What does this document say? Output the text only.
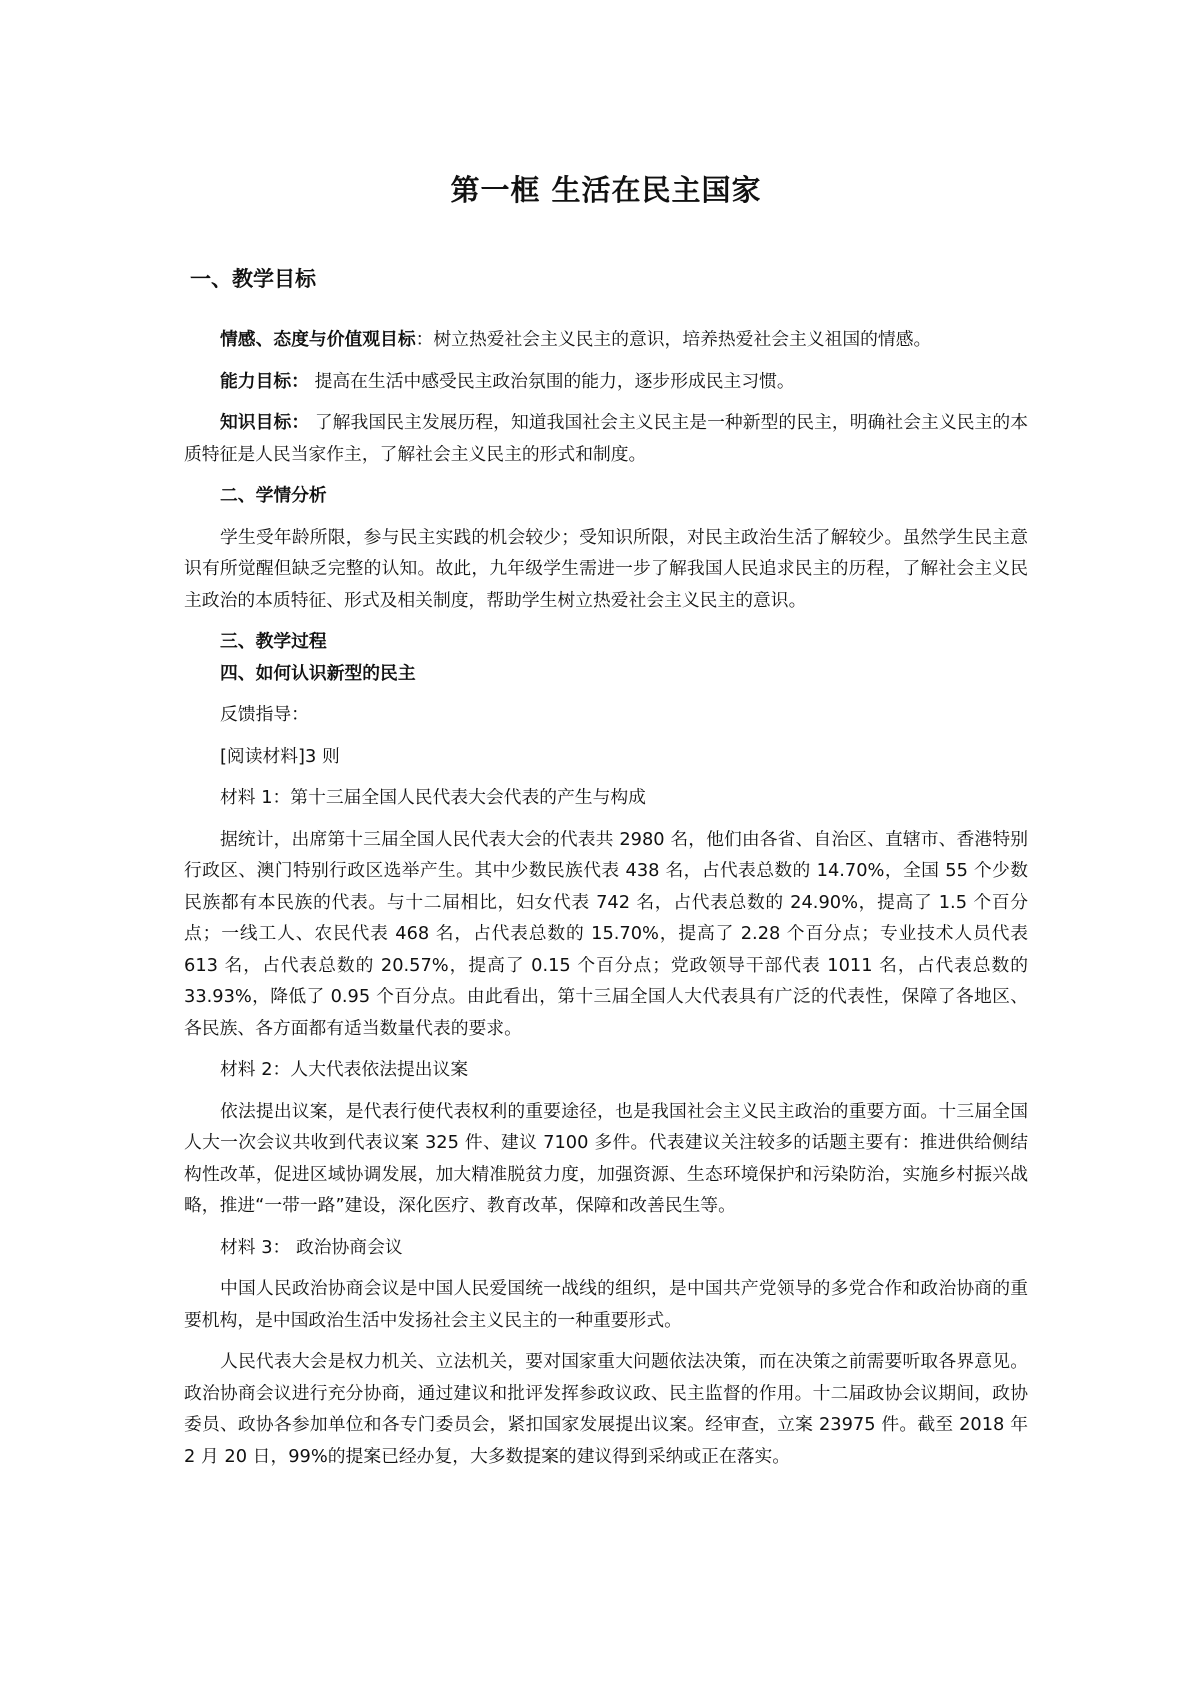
第一框 生活在民主国家
一、教学目标

情感、态度与价值观目标：树立热爱社会主义民主的意识，培养热爱社会主义祖国的情感。

能力目标： 提高在生活中感受民主政治氛围的能力，逐步形成民主习惯。

知识目标： 了解我国民主发展历程，知道我国社会主义民主是一种新型的民主，明确社会主义民主的本质特征是人民当家作主，了解社会主义民主的形式和制度。

二、学情分析

学生受年龄所限，参与民主实践的机会较少；受知识所限，对民主政治生活了解较少。虽然学生民主意识有所觉醒但缺乏完整的认知。故此，九年级学生需进一步了解我国人民追求民主的历程，了解社会主义民主政治的本质特征、形式及相关制度，帮助学生树立热爱社会主义民主的意识。

三、教学过程

四、如何认识新型的民主

反馈指导：

[阅读材料]3 则

材料 1：第十三届全国人民代表大会代表的产生与构成

据统计，出席第十三届全国人民代表大会的代表共 2980 名，他们由各省、自治区、直辖市、香港特别行政区、澳门特别行政区选举产生。其中少数民族代表 438 名，占代表总数的 14.70%，全国 55 个少数民族都有本民族的代表。与十二届相比，妇女代表 742 名，占代表总数的 24.90%，提高了 1.5 个百分点；一线工人、农民代表 468 名，占代表总数的 15.70%，提高了 2.28 个百分点；专业技术人员代表 613 名，占代表总数的 20.57%，提高了 0.15 个百分点；党政领导干部代表 1011 名，占代表总数的 33.93%，降低了 0.95 个百分点。由此看出，第十三届全国人大代表具有广泛的代表性，保障了各地区、各民族、各方面都有适当数量代表的要求。

材料 2：人大代表依法提出议案

依法提出议案，是代表行使代表权利的重要途径，也是我国社会主义民主政治的重要方面。十三届全国人大一次会议共收到代表议案 325 件、建议 7100 多件。代表建议关注较多的话题主要有：推进供给侧结构性改革，促进区域协调发展，加大精准脱贫力度，加强资源、生态环境保护和污染防治，实施乡村振兴战略，推进“一带一路”建设，深化医疗、教育改革，保障和改善民生等。

材料 3： 政治协商会议

中国人民政治协商会议是中国人民爱国统一战线的组织，是中国共产党领导的多党合作和政治协商的重要机构，是中国政治生活中发扬社会主义民主的一种重要形式。

人民代表大会是权力机关、立法机关，要对国家重大问题依法决策，而在决策之前需要听取各界意见。政治协商会议进行充分协商，通过建议和批评发挥参政议政、民主监督的作用。十二届政协会议期间，政协委员、政协各参加单位和各专门委员会，紧扣国家发展提出议案。经审查，立案 23975 件。截至 2018 年 2 月 20 日，99%的提案已经办复，大多数提案的建议得到采纳或正在落实。
